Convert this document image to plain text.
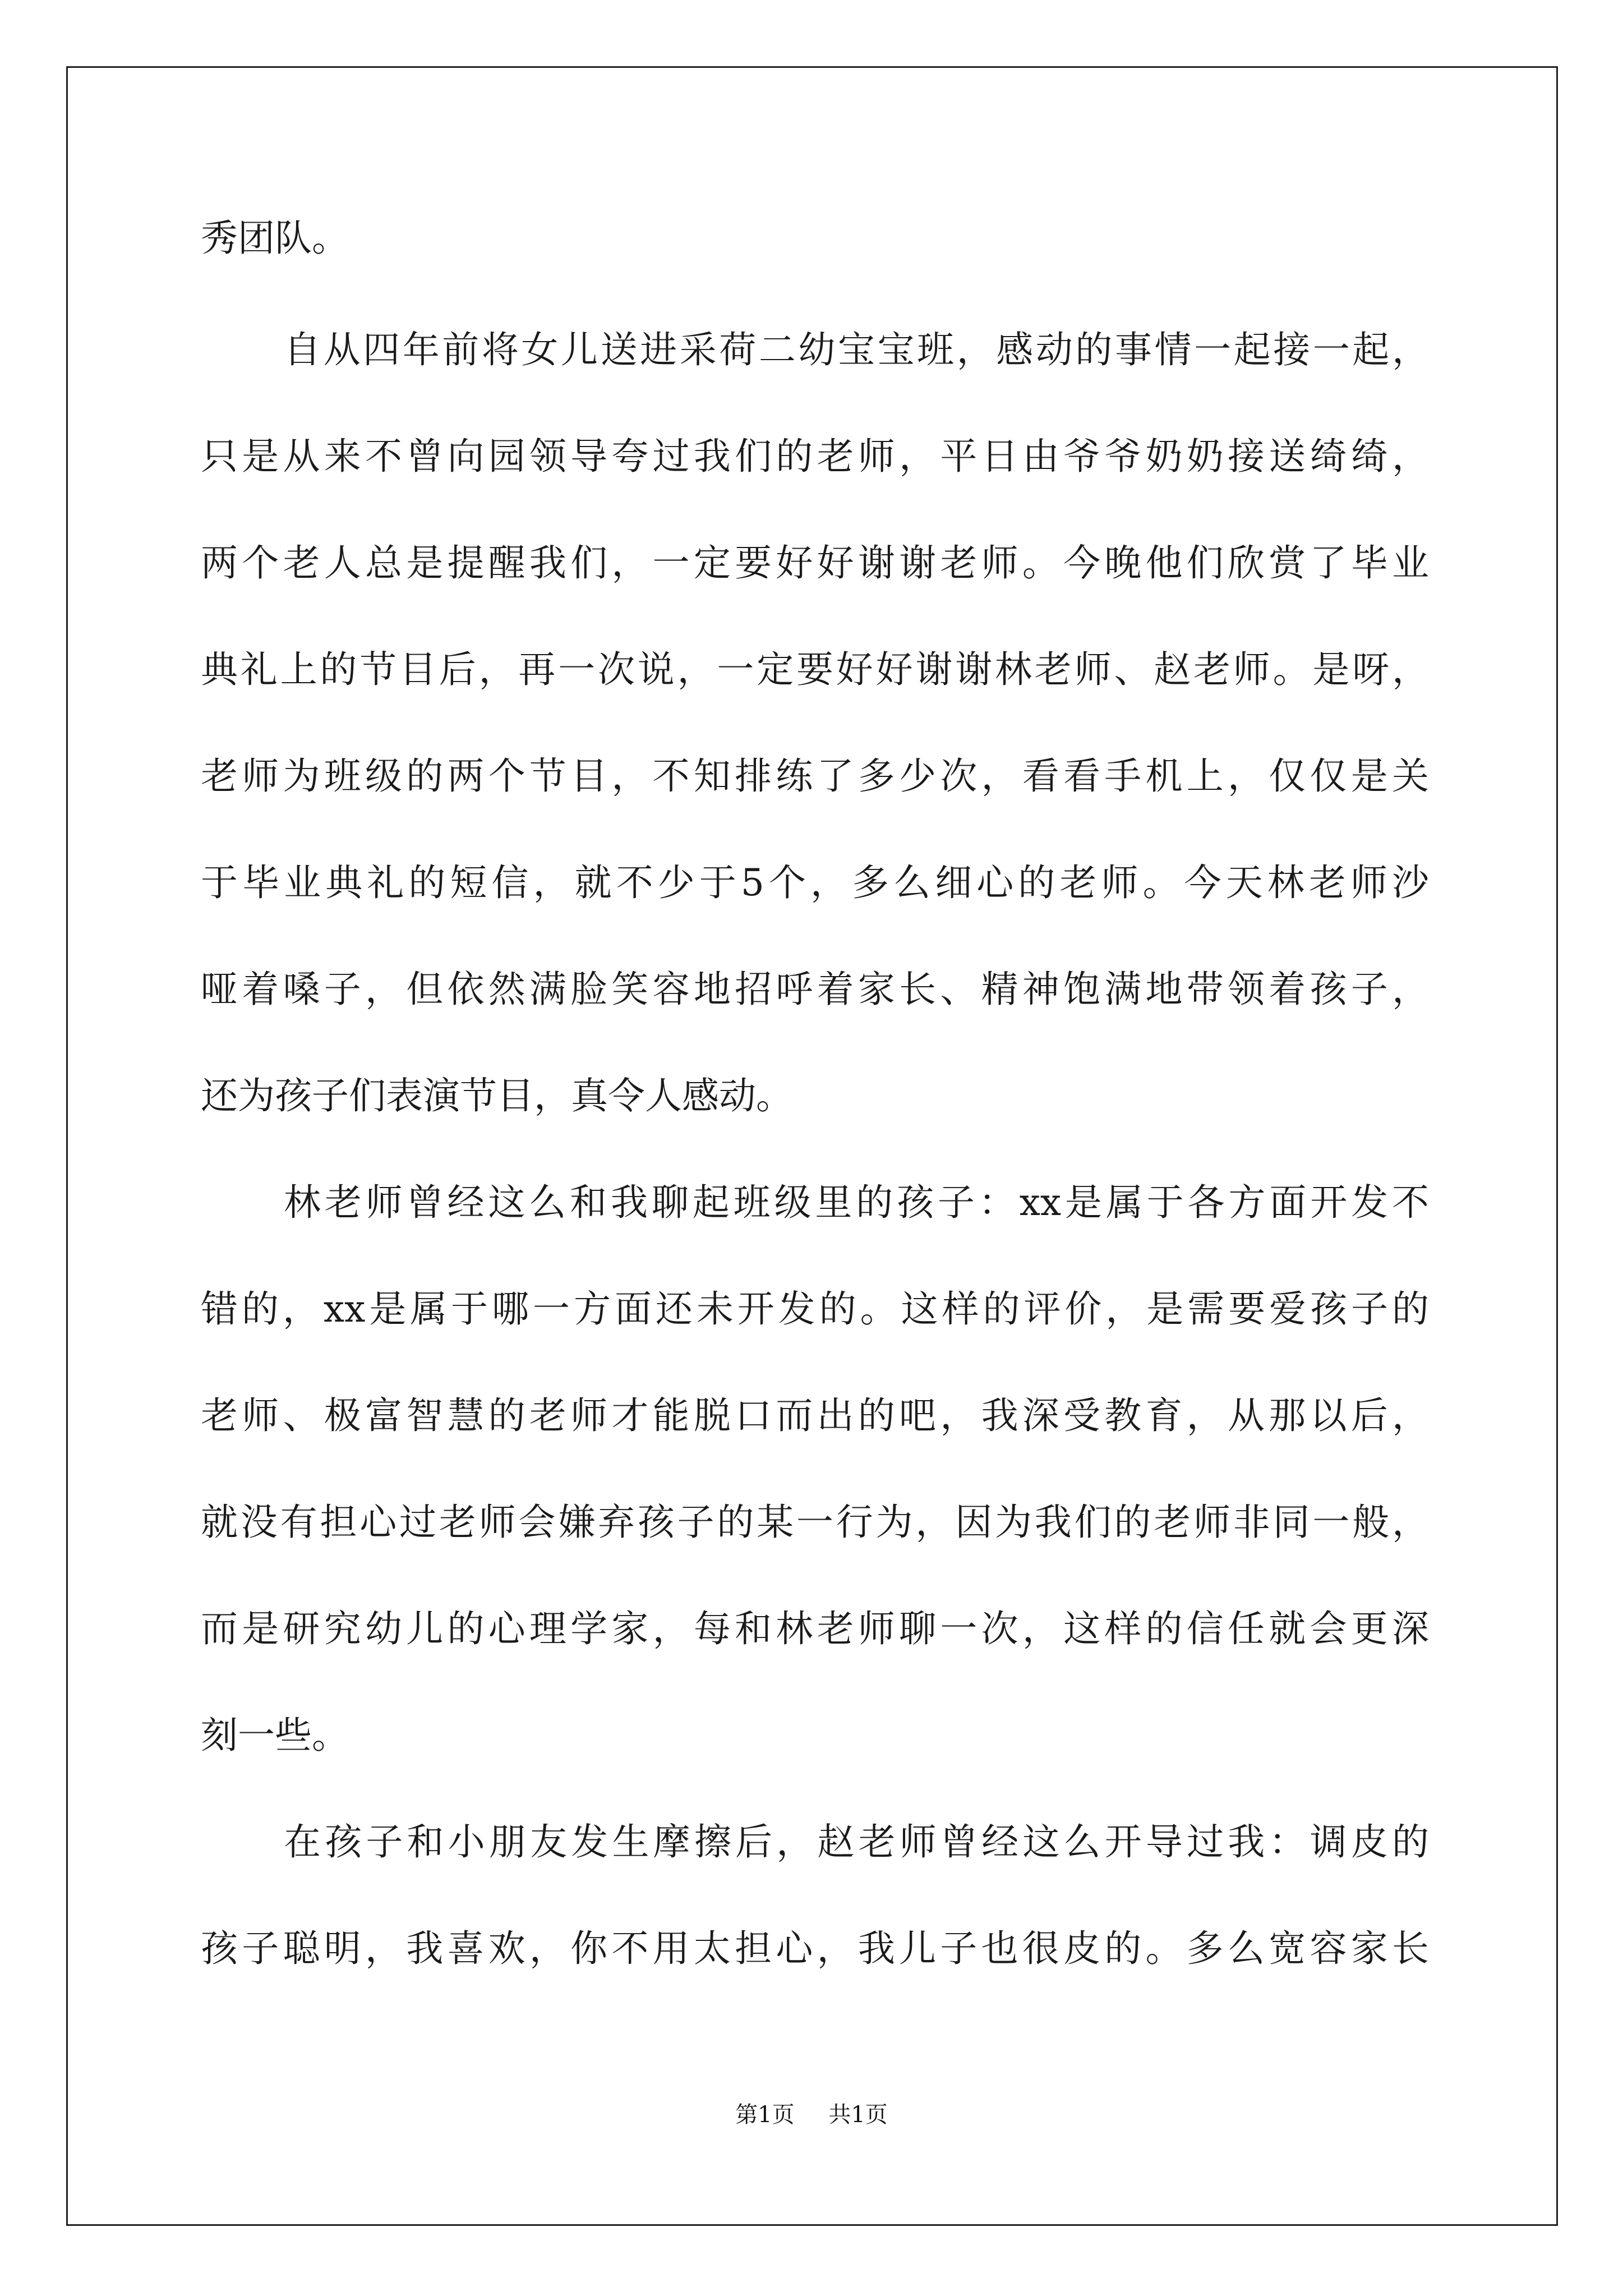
秀团队。
自从四年前将女儿送进采荷二幼宝宝班，感动的事情一起接一起，
只是从来不曾向园领导夸过我们的老师，平日由爷爷奶奶接送绮绮，
两个老人总是提醒我们，一定要好好谢谢老师。今晚他们欣赏了毕业
典礼上的节目后，再一次说，一定要好好谢谢林老师、赵老师。是呀，
老师为班级的两个节目，不知排练了多少次，看看手机上，仅仅是关
于毕业典礼的短信，就不少于5个，多么细心的老师。今天林老师沙
哑着嗓子，但依然满脸笑容地招呼着家长、精神饱满地带领着孩子，
还为孩子们表演节目，真令人感动。
林老师曾经这么和我聊起班级里的孩子：xx是属于各方面开发不
错的，xx是属于哪一方面还未开发的。这样的评价，是需要爱孩子的
老师、极富智慧的老师才能脱口而出的吧，我深受教育，从那以后，
就没有担心过老师会嫌弃孩子的某一行为，因为我们的老师非同一般，
而是研究幼儿的心理学家，每和林老师聊一次，这样的信任就会更深
刻一些。
在孩子和小朋友发生摩擦后，赵老师曾经这么开导过我：调皮的
孩子聪明，我喜欢，你不用太担心，我儿子也很皮的。多么宽容家长
第1页 共1页
